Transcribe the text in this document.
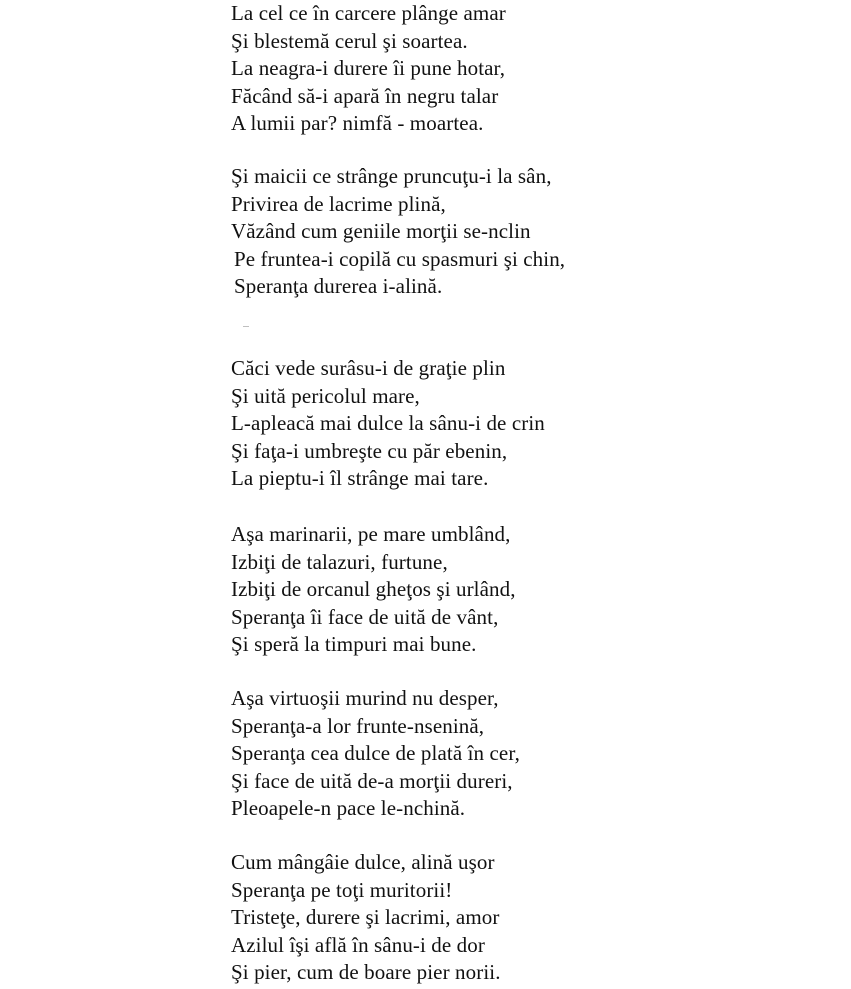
La cel ce în carcere plânge amar
Şi blestemă cerul şi soartea.
La neagra-i durere îi pune hotar,
Făcând să-i apară în negru talar
A lumii par? nimfă - moartea.
Şi maicii ce strânge pruncuţu-i la sân,
Privirea de lacrime plină,
Văzând cum geniile morţii se-nclin
Pe fruntea-i copilă cu spasmuri şi chin,
Speranţa durerea i-alină.
Căci vede surâsu-i de graţie plin
Şi uită pericolul mare,
L-apleacă mai dulce la sânu-i de crin
Şi faţa-i umbreşte cu păr ebenin,
La pieptu-i îl strânge mai tare.
Aşa marinarii, pe mare umblând,
Izbiţi de talazuri, furtune,
Izbiţi de orcanul gheţos şi urlând,
Speranţa îi face de uită de vânt,
Şi speră la timpuri mai bune.
Aşa virtuoşii murind nu desper,
Speranţa-a lor frunte-nsenină,
Speranţa cea dulce de plată în cer,
Şi face de uită de-a morţii dureri,
Pleoapele-n pace le-nchină.
Cum mângâie dulce, alină uşor
Speranţa pe toţi muritorii!
Tristeţe, durere şi lacrimi, amor
Azilul îşi află în sânu-i de dor
Şi pier, cum de boare pier norii.
